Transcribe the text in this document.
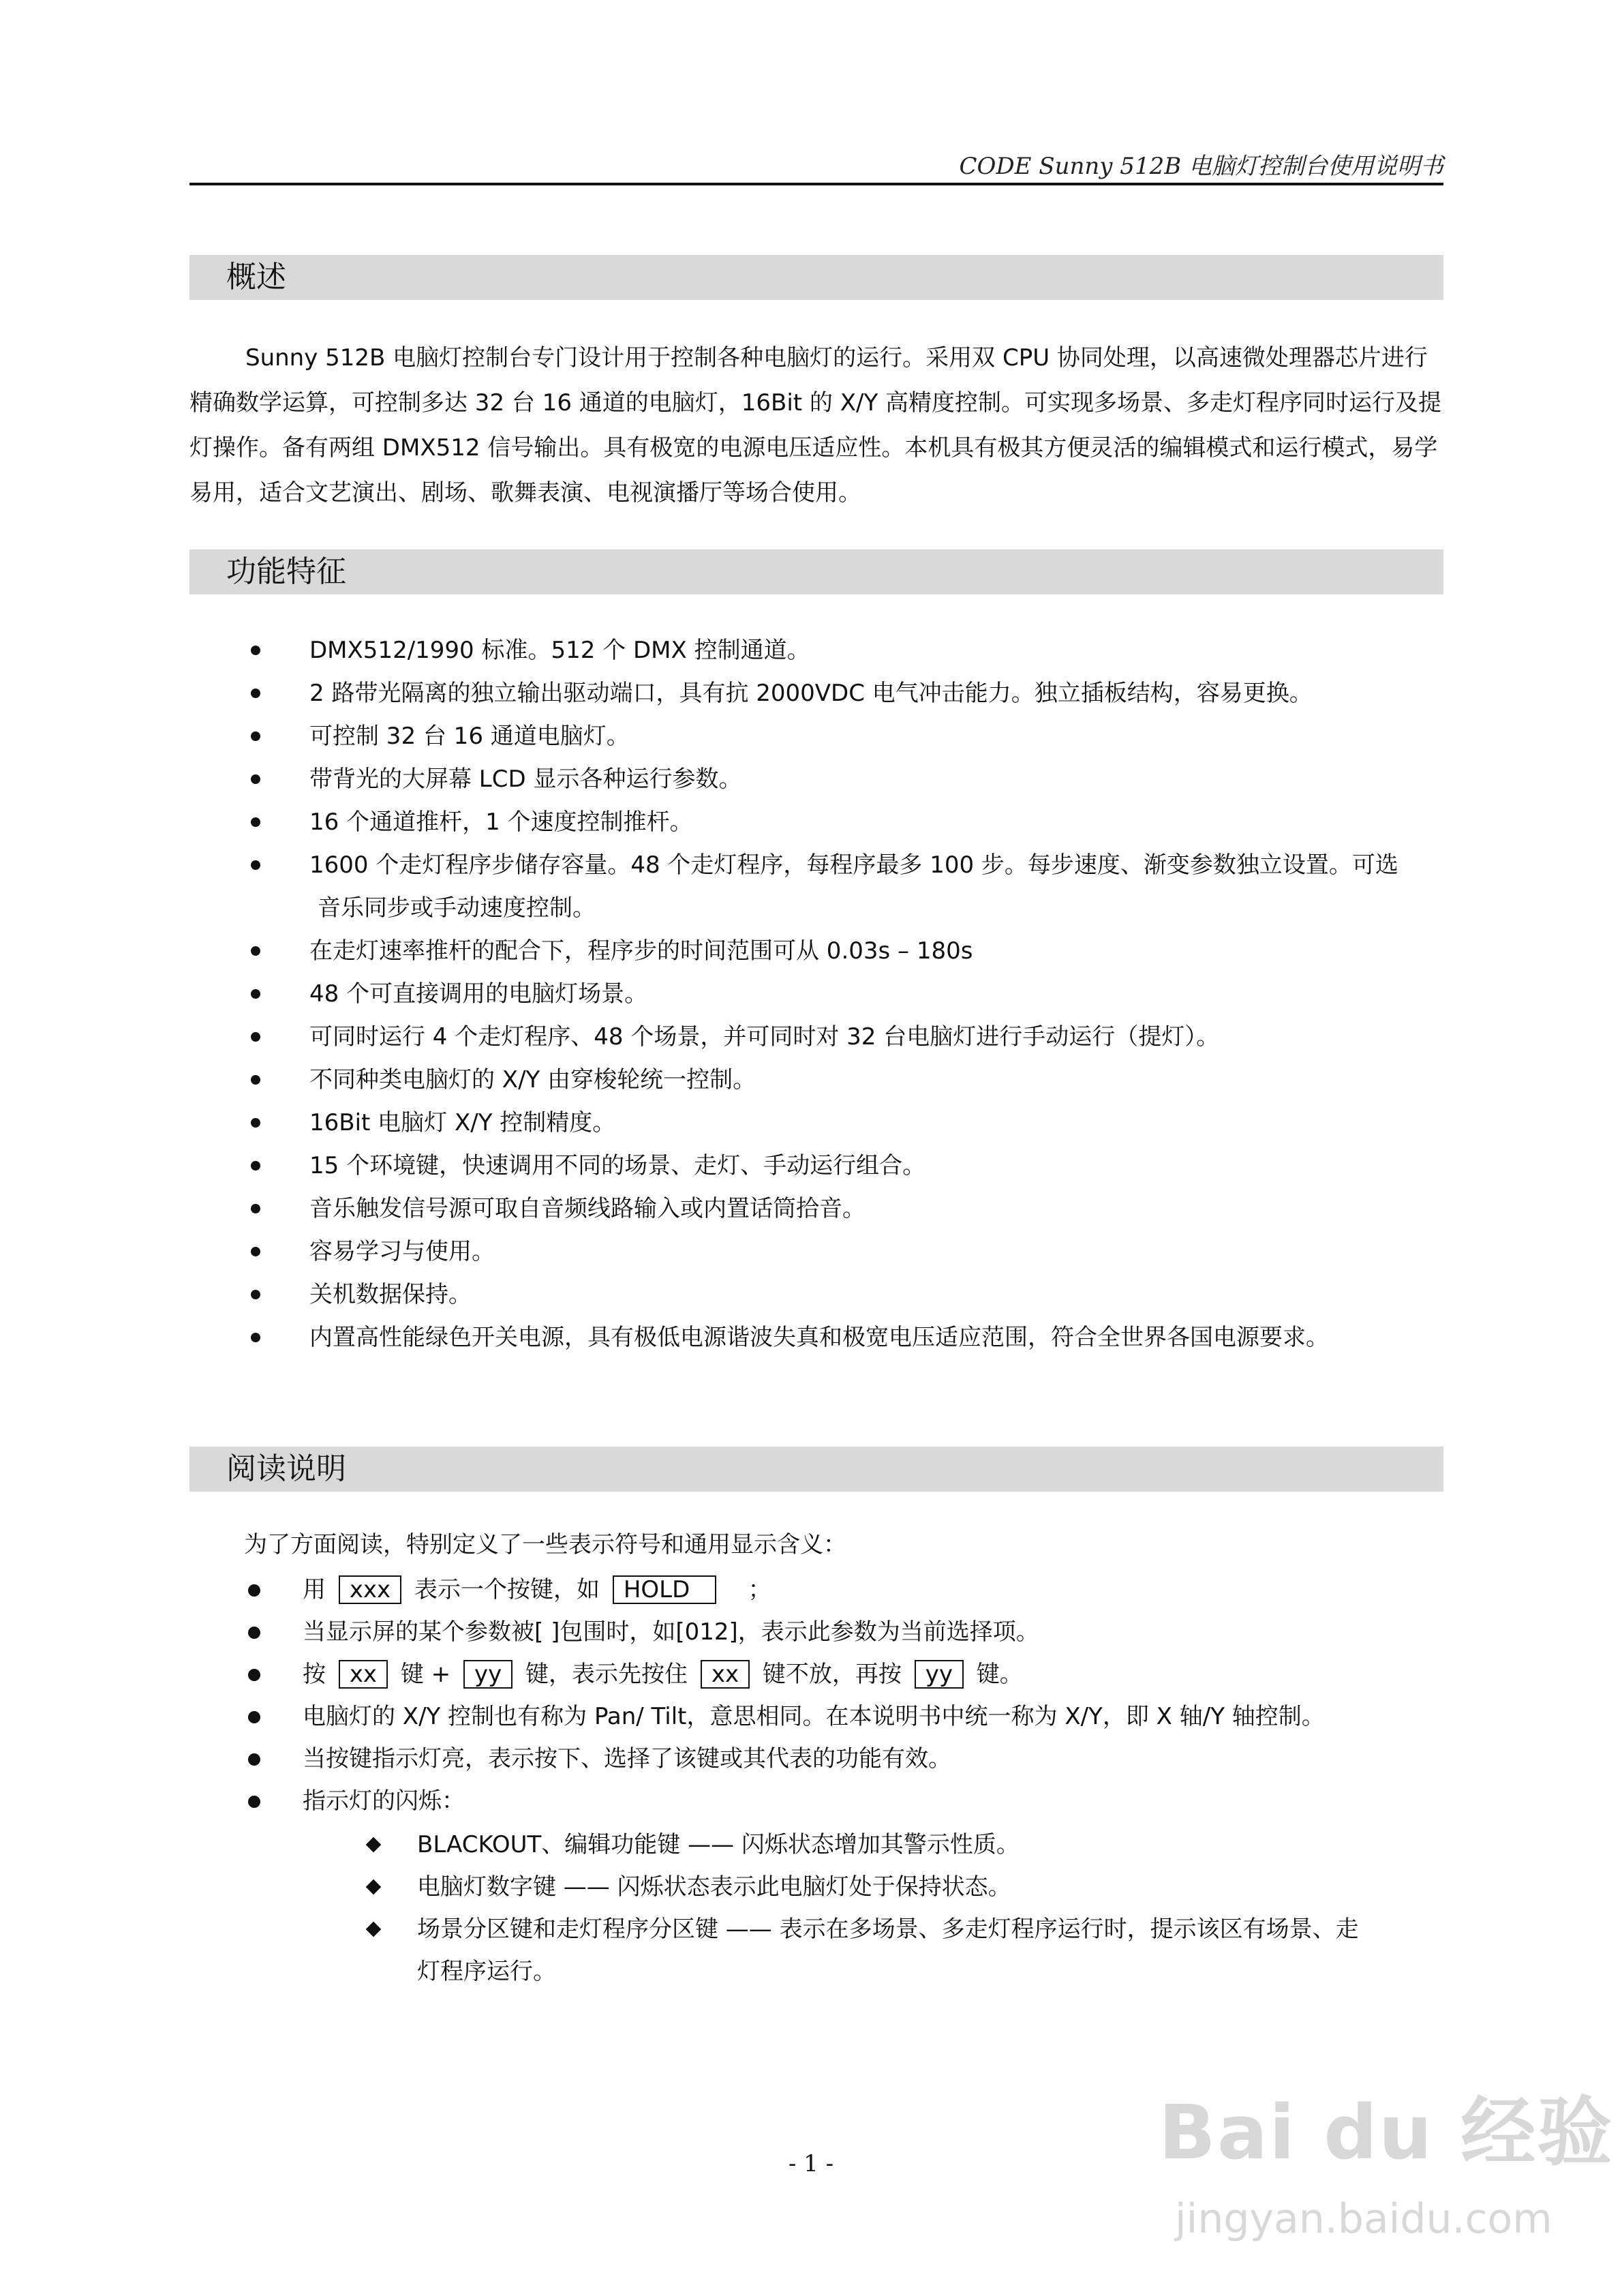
CODE Sunny 512B 电脑灯控制台使用说明书
概述

Sunny 512B 电脑灯控制台专门设计用于控制各种电脑灯的运行。采用双 CPU 协同处理，以高速微处理器芯片进行精确数学运算，可控制多达 32 台 16 通道的电脑灯，16Bit 的 X/Y 高精度控制。可实现多场景、多走灯程序同时运行及提灯操作。备有两组 DMX512 信号输出。具有极宽的电源电压适应性。本机具有极其方便灵活的编辑模式和运行模式，易学易用，适合文艺演出、剧场、歌舞表演、电视演播厅等场合使用。

功能特征
DMX512/1990 标准。512 个 DMX 控制通道。
2 路带光隔离的独立输出驱动端口，具有抗 2000VDC 电气冲击能力。独立插板结构，容易更换。
可控制 32 台 16 通道电脑灯。
带背光的大屏幕 LCD 显示各种运行参数。
16 个通道推杆，1 个速度控制推杆。
1600 个走灯程序步储存容量。48 个走灯程序，每程序最多 100 步。每步速度、渐变参数独立设置。可选
音乐同步或手动速度控制。
在走灯速率推杆的配合下，程序步的时间范围可从 0.03s – 180s
48 个可直接调用的电脑灯场景。
可同时运行 4 个走灯程序、48 个场景，并可同时对 32 台电脑灯进行手动运行（提灯）。
不同种类电脑灯的 X/Y 由穿梭轮统一控制。
16Bit 电脑灯 X/Y 控制精度。
15 个环境键，快速调用不同的场景、走灯、手动运行组合。
音乐触发信号源可取自音频线路输入或内置话筒拾音。
容易学习与使用。
关机数据保持。
内置高性能绿色开关电源，具有极低电源谐波失真和极宽电压适应范围，符合全世界各国电源要求。
阅读说明
为了方面阅读，特别定义了一些表示符号和通用显示含义：
用 xxx 表示一个按键，如 HOLD	；
当显示屏的某个参数被[ ]包围时，如[012]，表示此参数为当前选择项。
按 xx 键 + yy 键，表示先按住 xx 键不放，再按 yy 键。
电脑灯的 X/Y 控制也有称为 Pan/ Tilt，意思相同。在本说明书中统一称为 X/Y，即 X 轴/Y 轴控制。
当按键指示灯亮，表示按下、选择了该键或其代表的功能有效。
指示灯的闪烁：
BLACKOUT、编辑功能键 —— 闪烁状态增加其警示性质。
电脑灯数字键 —— 闪烁状态表示此电脑灯处于保持状态。
场景分区键和走灯程序分区键 —— 表示在多场景、多走灯程序运行时，提示该区有场景、走
灯程序运行。
- 1 -	Bai du 经验
jingyan.baidu.com
